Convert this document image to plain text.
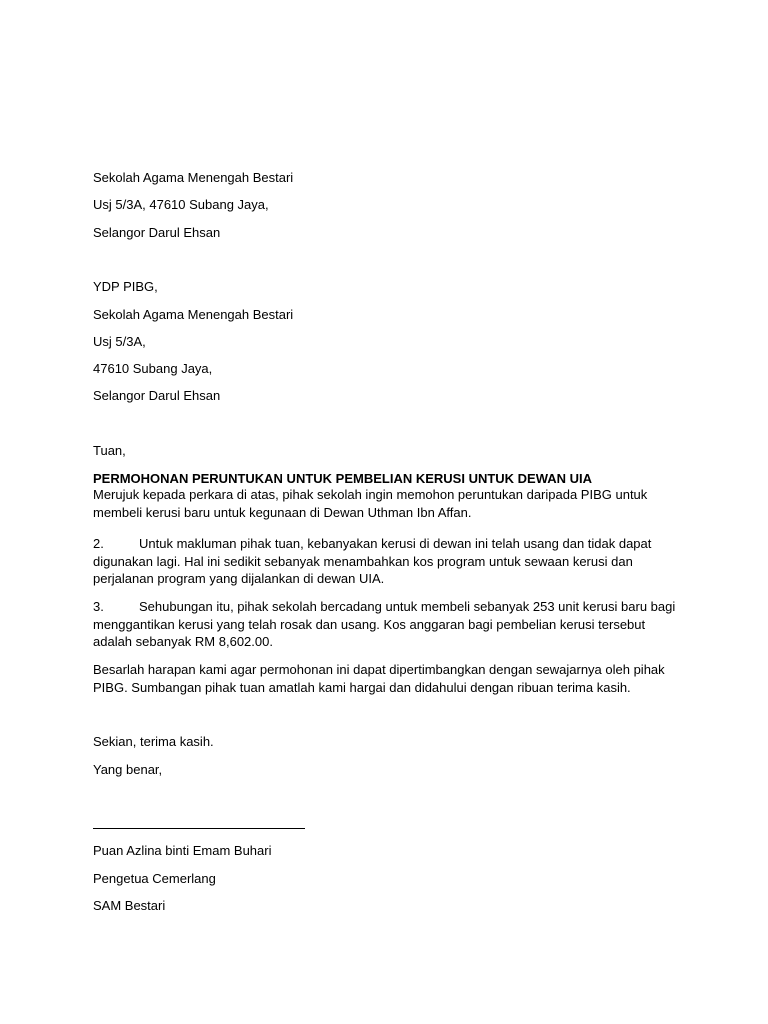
Sekolah Agama Menengah Bestari
Usj 5/3A, 47610 Subang Jaya,
Selangor Darul Ehsan
YDP PIBG,
Sekolah Agama Menengah Bestari
Usj 5/3A,
47610 Subang Jaya,
Selangor Darul Ehsan
Tuan,
PERMOHONAN PERUNTUKAN UNTUK PEMBELIAN KERUSI UNTUK DEWAN UIA
Merujuk kepada perkara di atas, pihak sekolah ingin memohon peruntukan daripada PIBG untuk membeli kerusi baru untuk kegunaan di Dewan Uthman Ibn Affan.
2.	Untuk makluman pihak tuan, kebanyakan kerusi di dewan ini telah usang dan tidak dapat digunakan lagi. Hal ini sedikit sebanyak menambahkan kos program untuk sewaan kerusi dan perjalanan program yang dijalankan di dewan UIA.
3.	Sehubungan itu, pihak sekolah bercadang untuk membeli sebanyak 253 unit kerusi baru bagi menggantikan kerusi yang telah rosak dan usang. Kos anggaran bagi pembelian kerusi tersebut adalah sebanyak RM 8,602.00.
Besarlah harapan kami agar permohonan ini dapat dipertimbangkan dengan sewajarnya oleh pihak PIBG. Sumbangan pihak tuan amatlah kami hargai dan didahului dengan ribuan terima kasih.
Sekian, terima kasih.
Yang benar,
Puan Azlina binti Emam Buhari
Pengetua Cemerlang
SAM Bestari
